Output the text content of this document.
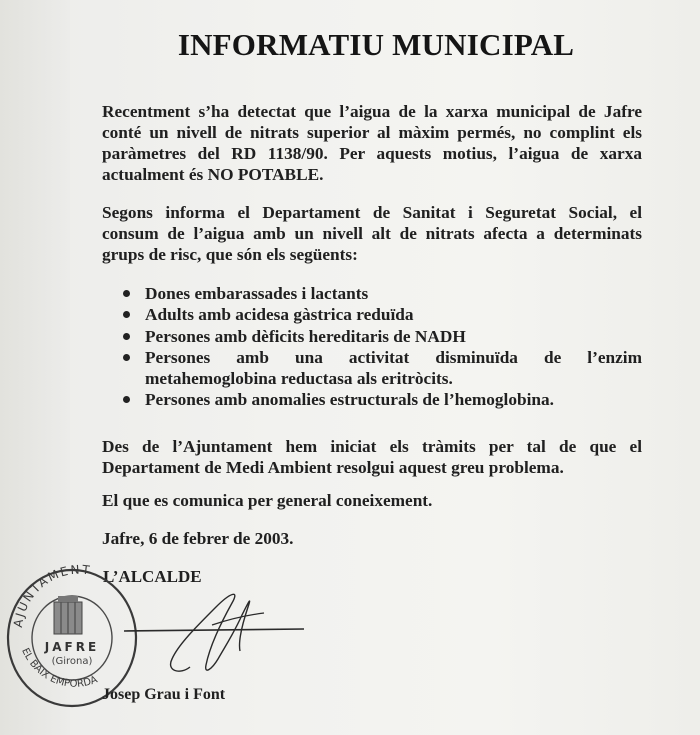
INFORMATIU MUNICIPAL
Recentment s’ha detectat que l’aigua de la xarxa municipal de Jafre
conté un nivell de nitrats superior al màxim permés, no complint els
paràmetres del RD 1138/90. Per aquests motius, l’aigua de xarxa
actualment és NO POTABLE.
Segons informa el Departament de Sanitat i Seguretat Social, el
consum de l’aigua amb un nivell alt de nitrats afecta a determinats
grups de risc, que són els següents:
Dones embarassades i lactants
Adults amb acidesa gàstrica reduïda
Persones amb dèficits hereditaris de NADH
Persones amb una activitat disminuïda de l’enzim
metahemoglobina reductasa als eritròcits.
Persones amb anomalies estructurals de l’hemoglobina.
Des de l’Ajuntament hem iniciat els tràmits per tal de que el
Departament de Medi Ambient resolgui aquest greu problema.
El que es comunica per general coneixement.
Jafre, 6 de febrer de 2003.
L’ALCALDE
AJUNTAMENT
JAFRE
(Girona)
EL BAIX EMPORDÀ
Josep Grau i Font
